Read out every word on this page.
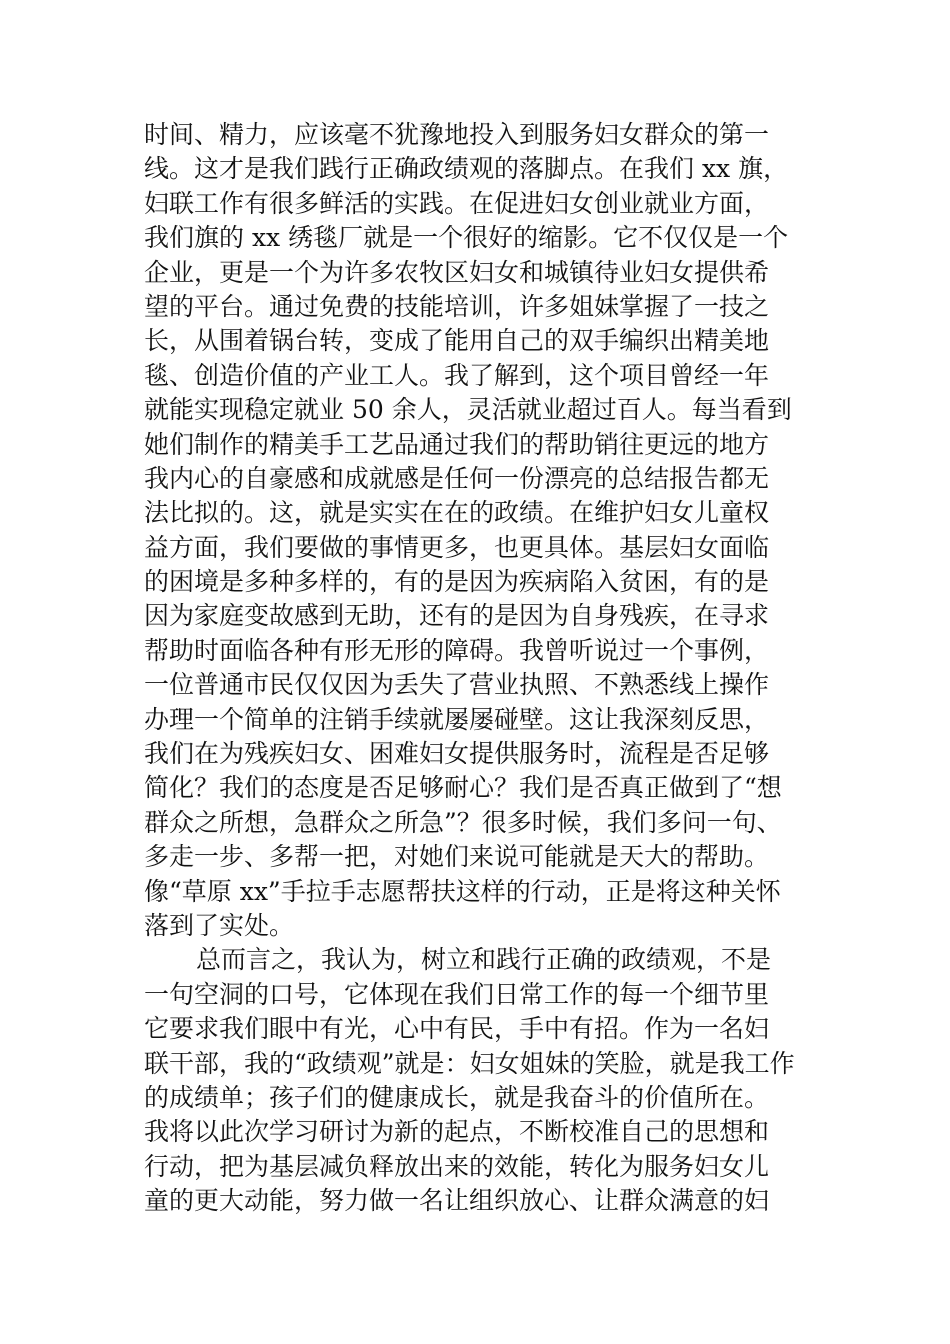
时间、精力，应该毫不犹豫地投入到服务妇女群众的第一
线。这才是我们践行正确政绩观的落脚点。在我们 xx 旗，
妇联工作有很多鲜活的实践。在促进妇女创业就业方面，
我们旗的 xx 绣毯厂就是一个很好的缩影。它不仅仅是一个
企业，更是一个为许多农牧区妇女和城镇待业妇女提供希
望的平台。通过免费的技能培训，许多姐妹掌握了一技之
长，从围着锅台转，变成了能用自己的双手编织出精美地
毯、创造价值的产业工人。我了解到，这个项目曾经一年
就能实现稳定就业 50 余人，灵活就业超过百人。每当看到
她们制作的精美手工艺品通过我们的帮助销往更远的地方
我内心的自豪感和成就感是任何一份漂亮的总结报告都无
法比拟的。这，就是实实在在的政绩。在维护妇女儿童权
益方面，我们要做的事情更多，也更具体。基层妇女面临
的困境是多种多样的，有的是因为疾病陷入贫困，有的是
因为家庭变故感到无助，还有的是因为自身残疾，在寻求
帮助时面临各种有形无形的障碍。我曾听说过一个事例，
一位普通市民仅仅因为丢失了营业执照、不熟悉线上操作
办理一个简单的注销手续就屡屡碰壁。这让我深刻反思，
我们在为残疾妇女、困难妇女提供服务时，流程是否足够
简化？我们的态度是否足够耐心？我们是否真正做到了“想
群众之所想，急群众之所急”？很多时候，我们多问一句、
多走一步、多帮一把，对她们来说可能就是天大的帮助。
像“草原 xx”手拉手志愿帮扶这样的行动，正是将这种关怀
落到了实处。
总而言之，我认为，树立和践行正确的政绩观，不是
一句空洞的口号，它体现在我们日常工作的每一个细节里
它要求我们眼中有光，心中有民，手中有招。作为一名妇
联干部，我的“政绩观”就是：妇女姐妹的笑脸，就是我工作
的成绩单；孩子们的健康成长，就是我奋斗的价值所在。
我将以此次学习研讨为新的起点，不断校准自己的思想和
行动，把为基层减负释放出来的效能，转化为服务妇女儿
童的更大动能，努力做一名让组织放心、让群众满意的妇
